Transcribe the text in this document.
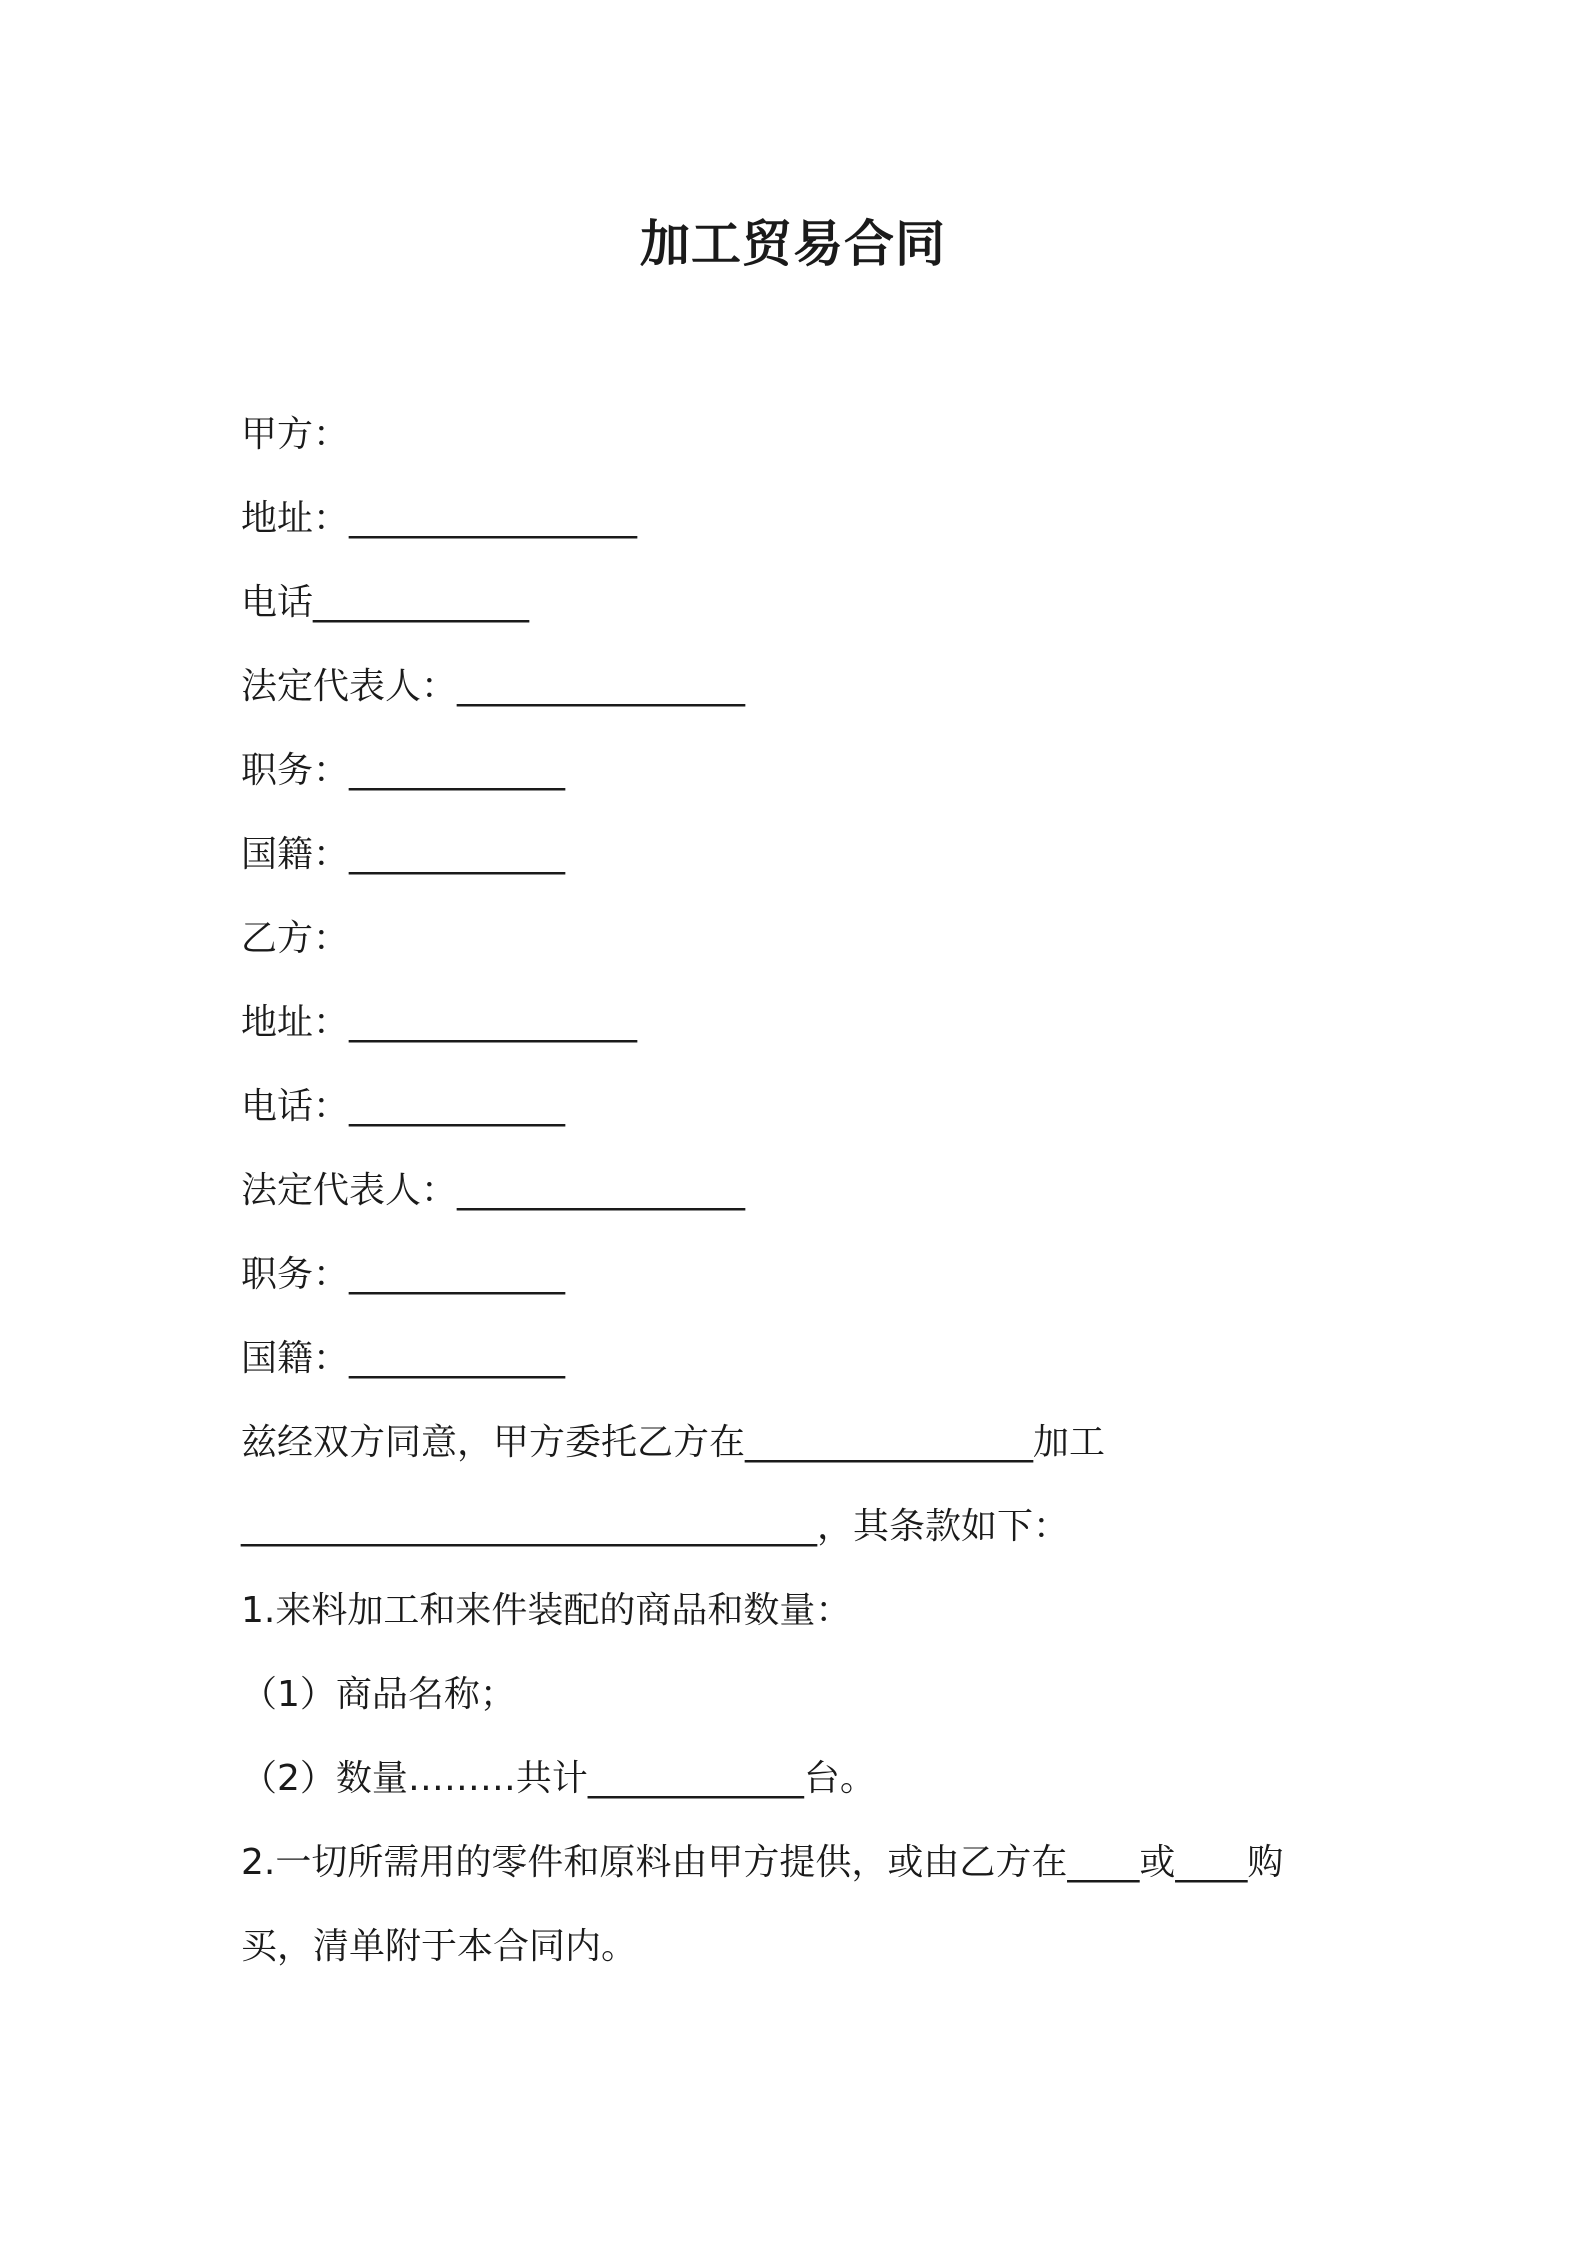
加工贸易合同
甲方：
地址：________________
电话____________
法定代表人：________________
职务：____________
国籍：____________
乙方：
地址：________________
电话：____________
法定代表人：________________
职务：____________
国籍：____________
兹经双方同意，甲方委托乙方在________________加工
________________________________，其条款如下：
1.来料加工和来件装配的商品和数量：
（1）商品名称；
（2）数量………共计____________台。
2.一切所需用的零件和原料由甲方提供，或由乙方在____或____购
买，清单附于本合同内。
